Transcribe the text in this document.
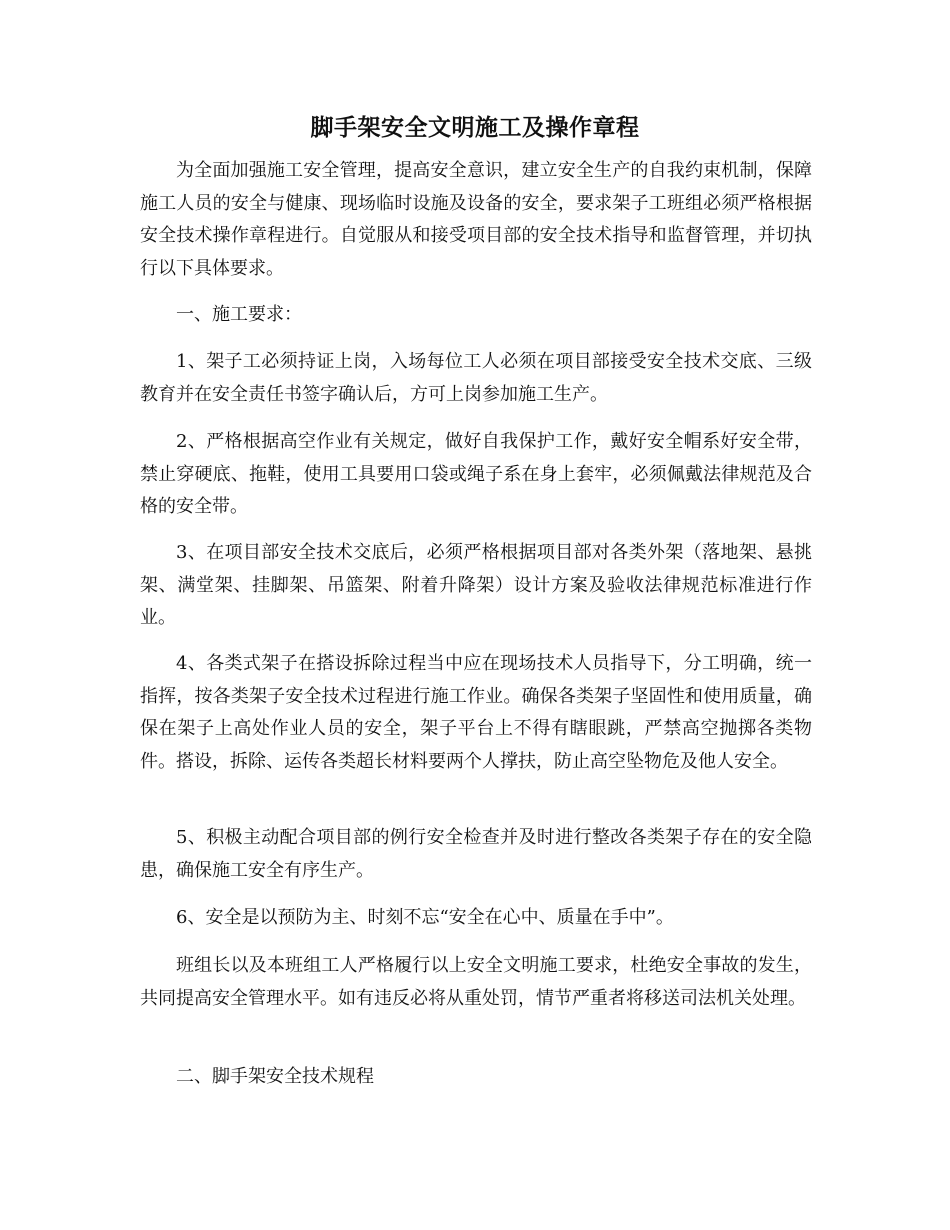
脚手架安全文明施工及操作章程

为全面加强施工安全管理，提高安全意识，建立安全生产的自我约束机制，保障施工人员的安全与健康、现场临时设施及设备的安全，要求架子工班组必须严格根据安全技术操作章程进行。自觉服从和接受项目部的安全技术指导和监督管理，并切执行以下具体要求。

一、施工要求：

1、架子工必须持证上岗，入场每位工人必须在项目部接受安全技术交底、三级教育并在安全责任书签字确认后，方可上岗参加施工生产。

2、严格根据高空作业有关规定，做好自我保护工作，戴好安全帽系好安全带，禁止穿硬底、拖鞋，使用工具要用口袋或绳子系在身上套牢，必须佩戴法律规范及合格的安全带。

3、在项目部安全技术交底后，必须严格根据项目部对各类外架（落地架、悬挑架、满堂架、挂脚架、吊篮架、附着升降架）设计方案及验收法律规范标准进行作业。

4、各类式架子在搭设拆除过程当中应在现场技术人员指导下，分工明确，统一指挥，按各类架子安全技术过程进行施工作业。确保各类架子坚固性和使用质量，确保在架子上高处作业人员的安全，架子平台上不得有瞎眼跳，严禁高空抛掷各类物件。搭设，拆除、运传各类超长材料要两个人撑扶，防止高空坠物危及他人安全。

5、积极主动配合项目部的例行安全检查并及时进行整改各类架子存在的安全隐患，确保施工安全有序生产。

6、安全是以预防为主、时刻不忘“安全在心中、质量在手中”。

班组长以及本班组工人严格履行以上安全文明施工要求，杜绝安全事故的发生，共同提高安全管理水平。如有违反必将从重处罚，情节严重者将移送司法机关处理。

二、脚手架安全技术规程
